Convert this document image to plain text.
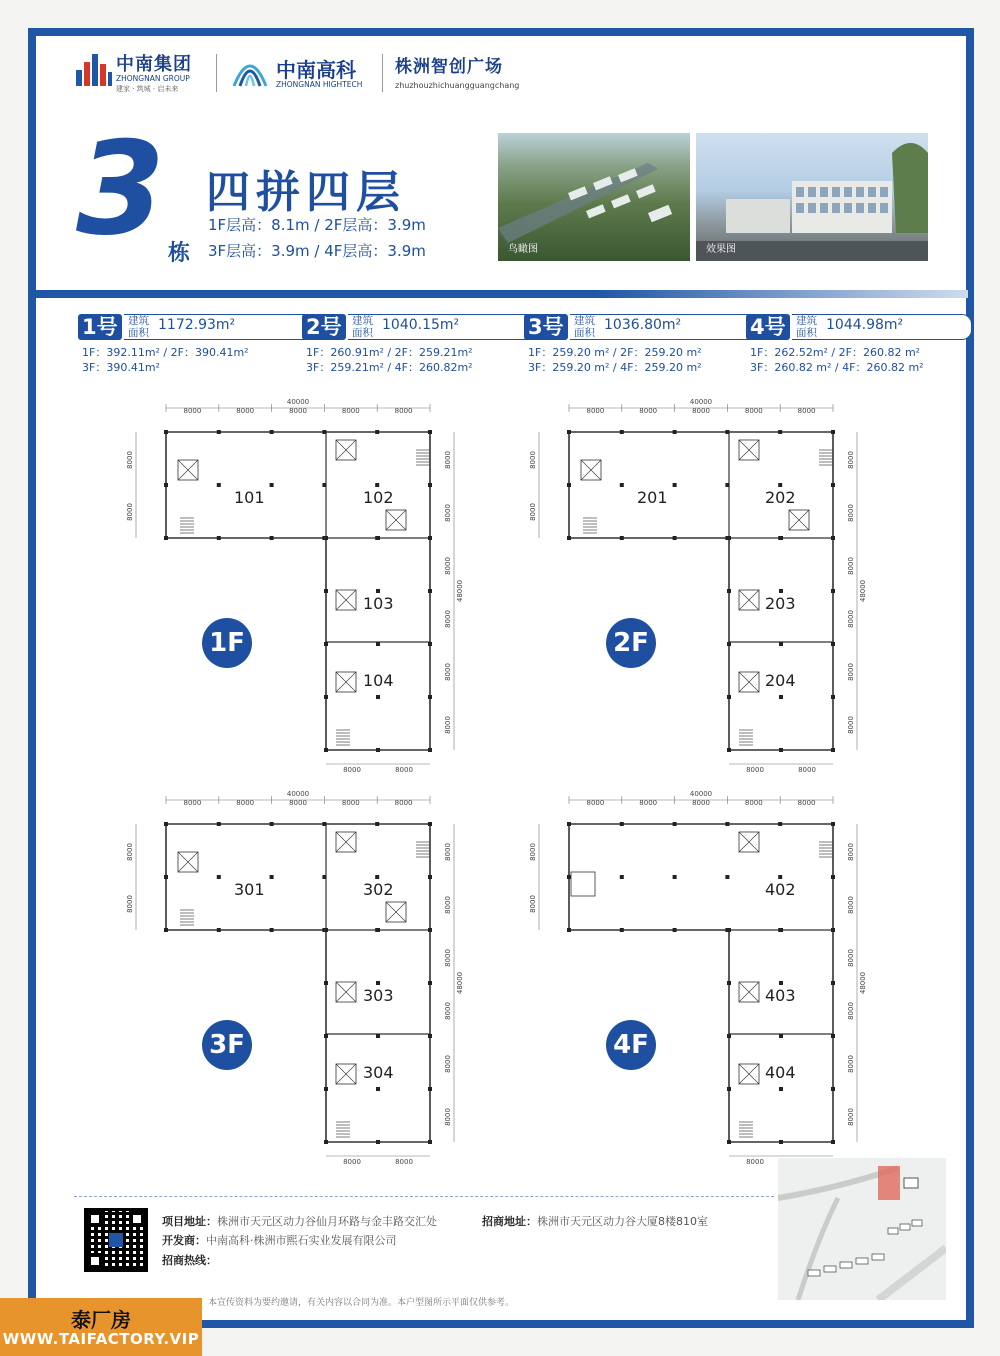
中南集团
ZHONGNAN GROUP
建家 · 筑城 · 启未来
中南高科
ZHONGNAN HIGHTECH
株洲智创广场
zhuzhouzhichuangguangchang
3 栋
四拼四层
1F层高：8.1m / 2F层高：3.9m
3F层高：3.9m / 4F层高：3.9m	鸟瞰图	效果图
1号 建筑面积 1172.93m²
1F：392.11m² / 2F：390.41m²
3F：390.41m²
2号 建筑面积 1040.15m²
1F：260.91m² / 2F：259.21m²
3F：259.21m² / 4F：260.82m²
3号 建筑面积 1036.80m²
1F：259.20 m² / 2F：259.20 m²
3F：259.20 m² / 4F：259.20 m²
4号 建筑面积 1044.98m²
1F：262.52m² / 2F：260.82 m²
3F：260.82 m² / 4F：260.82 m²
8000	8000	8000	8000	8000
40000
8000
8000
8000
8000
8000
8000
8000
8000
48000
8000	8000
101	102
103
104
1F
8000	8000	8000	8000	8000
40000
8000
8000
8000
8000
8000
8000
8000
8000
48000
8000	8000
201	202
203
204
2F
8000	8000	8000	8000	8000
40000
8000
8000
8000
8000
8000
8000
8000
8000
48000
8000	8000
301	302
303
304
3F
8000	8000	8000	8000	8000
40000
8000
8000
8000
8000
8000
8000
8000
8000
48000
8000
402
403
404
4F
项目地址：株洲市天元区动力谷仙月环路与金丰路交汇处
开发商：中南高科·株洲市熙石实业发展有限公司
招商热线：
招商地址：株洲市天元区动力谷大厦8楼810室
本宣传资料为要约邀请，有关内容以合同为准。本户型图所示平面仅供参考。
泰厂房
WWW.TAIFACTORY.VIP
